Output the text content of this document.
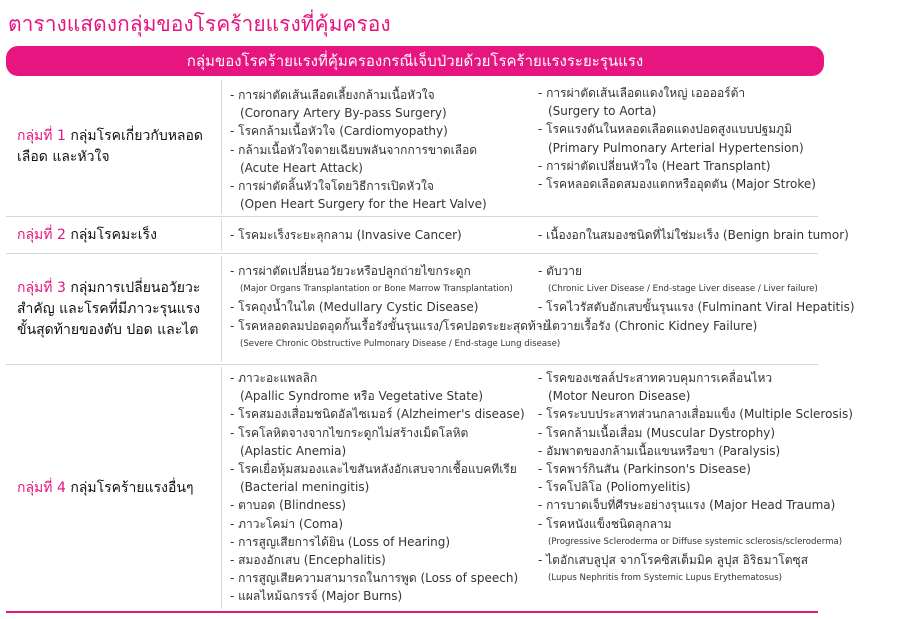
ตารางแสดงกลุ่มของโรคร้ายแรงที่คุ้มครอง
กลุ่มของโรคร้ายแรงที่คุ้มครองกรณีเจ็บป่วยด้วยโรคร้ายแรงระยะรุนแรง
กลุ่มที่ 1 กลุ่มโรคเกี่ยวกับหลอดเลือด และหัวใจ
- การผ่าตัดเส้นเลือดเลี้ยงกล้ามเนื้อหัวใจ
(Coronary Artery By-pass Surgery)
- โรคกล้ามเนื้อหัวใจ (Cardiomyopathy)
- กล้ามเนื้อหัวใจตายเฉียบพลันจากการขาดเลือด
(Acute Heart Attack)
- การผ่าตัดลิ้นหัวใจโดยวิธีการเปิดหัวใจ
(Open Heart Surgery for the Heart Valve)
- การผ่าตัดเส้นเลือดแดงใหญ่ เออออร์ต้า
(Surgery to Aorta)
- โรคแรงดันในหลอดเลือดแดงปอดสูงแบบปฐมภูมิ
(Primary Pulmonary Arterial Hypertension)
- การผ่าตัดเปลี่ยนหัวใจ (Heart Transplant)
- โรคหลอดเลือดสมองแตกหรืออุดตัน (Major Stroke)
กลุ่มที่ 2 กลุ่มโรคมะเร็ง	- โรคมะเร็งระยะลุกลาม (Invasive Cancer)	- เนื้องอกในสมองชนิดที่ไม่ใช่มะเร็ง (Benign brain tumor)
กลุ่มที่ 3 กลุ่มการเปลี่ยนอวัยวะสำคัญ และโรคที่มีภาวะรุนแรงขั้นสุดท้ายของตับ ปอด และไต
- การผ่าตัดเปลี่ยนอวัยวะหรือปลูกถ่ายไขกระดูก
(Major Organs Transplantation or Bone Marrow Transplantation)
- โรคถุงน้ำในไต (Medullary Cystic Disease)
- โรคหลอดลมปอดอุดกั้นเรื้อรังขั้นรุนแรง/โรคปอดระยะสุดท้าย
(Severe Chronic Obstructive Pulmonary Disease / End-stage Lung disease)
- ตับวาย
(Chronic Liver Disease / End-stage Liver disease / Liver failure)
- โรคไวรัสตับอักเสบขั้นรุนแรง (Fulminant Viral Hepatitis)
- ไตวายเรื้อรัง (Chronic Kidney Failure)
กลุ่มที่ 4 กลุ่มโรคร้ายแรงอื่นๆ
- ภาวะอะแพลลิก
(Apallic Syndrome หรือ Vegetative State)
- โรคสมองเสื่อมชนิดอัลไซเมอร์ (Alzheimer's disease)
- โรคโลหิตจางจากไขกระดูกไม่สร้างเม็ดโลหิต
(Aplastic Anemia)
- โรคเยื่อหุ้มสมองและไขสันหลังอักเสบจากเชื้อแบคทีเรีย
(Bacterial meningitis)
- ตาบอด (Blindness)
- ภาวะโคม่า (Coma)
- การสูญเสียการได้ยิน (Loss of Hearing)
- สมองอักเสบ (Encephalitis)
- การสูญเสียความสามารถในการพูด (Loss of speech)
- แผลไหม้ฉกรรจ์ (Major Burns)
- โรคของเซลล์ประสาทควบคุมการเคลื่อนไหว
(Motor Neuron Disease)
- โรคระบบประสาทส่วนกลางเสื่อมแข็ง (Multiple Sclerosis)
- โรคกล้ามเนื้อเสื่อม (Muscular Dystrophy)
- อัมพาตของกล้ามเนื้อแขนหรือขา (Paralysis)
- โรคพาร์กินสัน (Parkinson's Disease)
- โรคโปลิโอ (Poliomyelitis)
- การบาดเจ็บที่ศีรษะอย่างรุนแรง (Major Head Trauma)
- โรคหนังแข็งชนิดลุกลาม
(Progressive Scleroderma or Diffuse systemic sclerosis/scleroderma)
- ไตอักเสบลูปุส จากโรคซิสเต็มมิค ลูปุส อิริธมาโตซุส
(Lupus Nephritis from Systemic Lupus Erythematosus)
